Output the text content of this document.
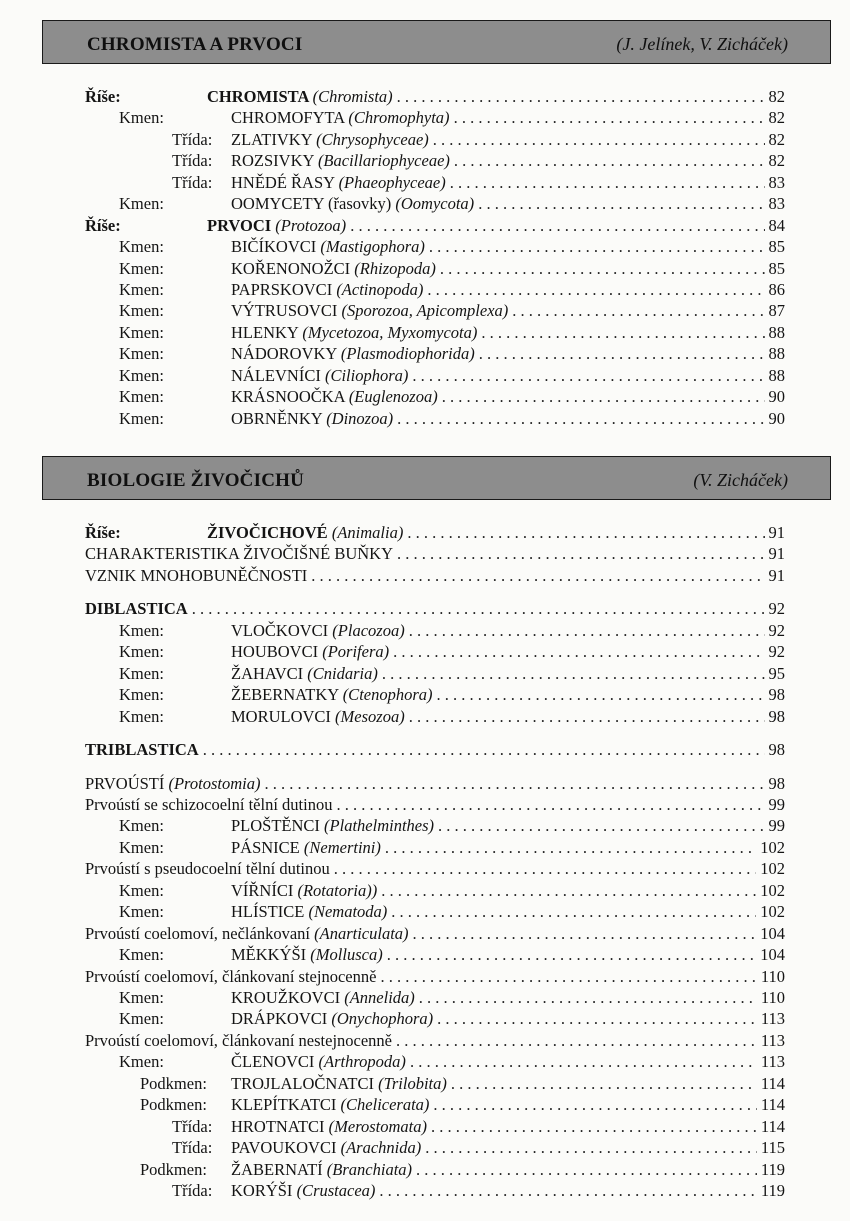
CHROMISTA A PRVOCI	(J. Jelínek, V. Zicháček)
Říše:	CHROMISTA (Chromista) . . .	82
Kmen:	CHROMOFYTA (Chromophyta) . . .	82
Třída: ZLATIVKY (Chrysophyceae) . . .	82
Třída: ROZSIVKY (Bacillariophyceae) . . .	82
Třída: HNĚDÉ ŘASY (Phaeophyceae) . . .	83
Kmen:	OOMYCETY (řasovky) (Oomycota) . . .	83
Říše:	PRVOCI (Protozoa) . . .	84
Kmen:	BIČÍKOVCI (Mastigophora) . . .	85
Kmen:	KOŘENONOŽCI (Rhizopoda) . . .	85
Kmen:	PAPRSKOVCI (Actinopoda) . . .	86
Kmen:	VÝTRUSOVCI (Sporozoa, Apicomplexa) . . .	87
Kmen:	HLENKY (Mycetozoa, Myxomycota) . . .	88
Kmen:	NÁDOROVKY (Plasmodiophorida) . . .	88
Kmen:	NÁLEVNÍCI (Ciliophora) . . .	88
Kmen:	KRÁSNOOČKA (Euglenozoa) . . .	90
Kmen:	OBRNĚNKY (Dinozoa) . . .	90
BIOLOGIE ŽIVOČICHŮ	(V. Zicháček)
Říše:	ŽIVOČICHOVÉ (Animalia) . . .	91
CHARAKTERISTIKA ŽIVOČIŠNÉ BUŇKY . . .	91
VZNIK MNOHOBUNĚČNOSTI . . .	91
DIBLASTICA . . .	92
Kmen:	VLOČKOVCI (Placozoa) . . .	92
Kmen:	HOUBOVCI (Porifera) . . .	92
Kmen:	ŽAHAVCI (Cnidaria) . . .	95
Kmen:	ŽEBERNATKY (Ctenophora) . . .	98
Kmen:	MORULOVCI (Mesozoa) . . .	98
TRIBLASTICA . . .	98
PRVOÚSTÍ (Protostomia) . . .	98
Prvoústí se schizocoelní tělní dutinou . . .	99
Kmen:	PLOŠTĚNCI (Plathelminthes) . . .	99
Kmen:	PÁSNICE (Nemertini) . . .	102
Prvoústí s pseudocoelní tělní dutinou . . .	102
Kmen:	VÍŘNÍCI (Rotatoria)) . . .	102
Kmen:	HLÍSTICE (Nematoda) . . .	102
Prvoústí coelomoví, nečlánkovaní (Anarticulata) . . .	104
Kmen:	MĚKKÝŠI (Mollusca) . . .	104
Prvoústí coelomoví, článkovaní stejnocenně . . .	110
Kmen:	KROUŽKOVCI (Annelida) . . .	110
Kmen:	DRÁPKOVCI (Onychophora) . . .	113
Prvoústí coelomoví, článkovaní nestejnocenně . . .	113
Kmen:	ČLENOVCI (Arthropoda) . . .	113
Podkmen: TROJLALOČNATCI (Trilobita) . . .	114
Podkmen: KLEPÍTKATCI (Chelicerata) . . .	114
Třída: HROTNATCI (Merostomata) . . .	114
Třída: PAVOUKOVCI (Arachnida) . . .	115
Podkmen: ŽABERNATÍ (Branchiata) . . .	119
Třída: KORÝŠI (Crustacea) . . .	119
